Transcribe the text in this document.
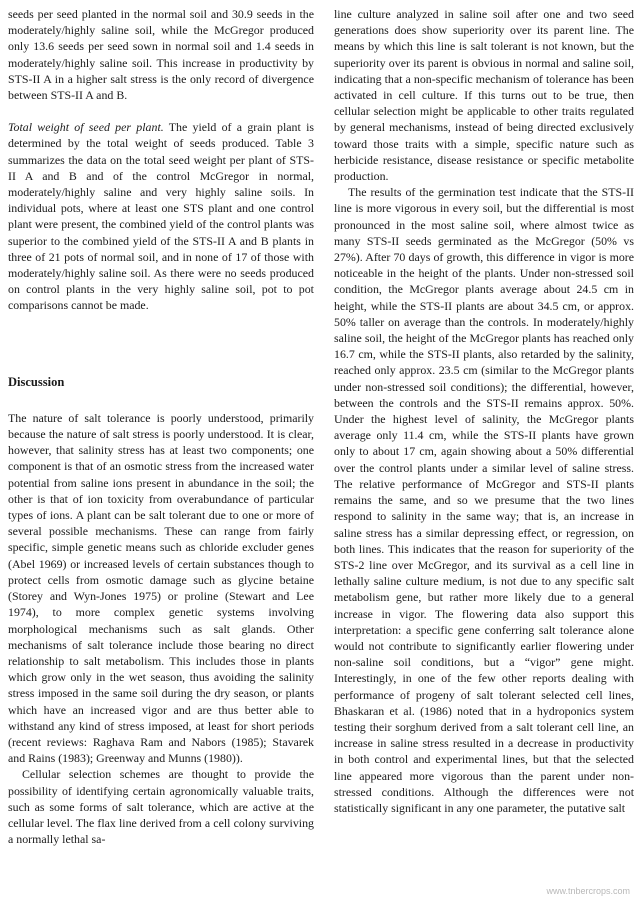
seeds per seed planted in the normal soil and 30.9 seeds in the moderately/highly saline soil, while the McGregor produced only 13.6 seeds per seed sown in normal soil and 1.4 seeds in moderately/highly saline soil. This increase in productivity by STS-II A in a higher salt stress is the only record of divergence between STS-II A and B.

Total weight of seed per plant. The yield of a grain plant is determined by the total weight of seeds produced. Table 3 summarizes the data on the total seed weight per plant of STS-II A and B and of the control McGregor in normal, moderately/highly saline and very highly saline soils. In individual pots, where at least one STS plant and one control plant were present, the combined yield of the control plants was superior to the combined yield of the STS-II A and B plants in three of 21 pots of normal soil, and in none of 17 of those with moderately/highly saline soil. As there were no seeds produced on control plants in the very highly saline soil, pot to pot comparisons cannot be made.

Discussion

The nature of salt tolerance is poorly understood, primarily because the nature of salt stress is poorly understood. It is clear, however, that salinity stress has at least two components; one component is that of an osmotic stress from the increased water potential from saline ions present in abundance in the soil; the other is that of ion toxicity from overabundance of particular types of ions. A plant can be salt tolerant due to one or more of several possible mechanisms. These can range from fairly specific, simple genetic means such as chloride excluder genes (Abel 1969) or increased levels of certain substances though to protect cells from osmotic damage such as glycine betaine (Storey and Wyn-Jones 1975) or proline (Stewart and Lee 1974), to more complex genetic systems involving morphological mechanisms such as salt glands. Other mechanisms of salt tolerance include those bearing no direct relationship to salt metabolism. This includes those in plants which grow only in the wet season, thus avoiding the salinity stress imposed in the same soil during the dry season, or plants which have an increased vigor and are thus better able to withstand any kind of stress imposed, at least for short periods (recent reviews: Raghava Ram and Nabors (1985); Stavarek and Rains (1983); Greenway and Munns (1980)).

Cellular selection schemes are thought to provide the possibility of identifying certain agronomically valuable traits, such as some forms of salt tolerance, which are active at the cellular level. The flax line derived from a cell colony surviving a normally lethal sa-

line culture analyzed in saline soil after one and two seed generations does show superiority over its parent line. The means by which this line is salt tolerant is not known, but the superiority over its parent is obvious in normal and saline soil, indicating that a non-specific mechanism of tolerance has been activated in cell culture. If this turns out to be true, then cellular selection might be applicable to other traits regulated by general mechanisms, instead of being directed exclusively toward those traits with a simple, specific nature such as herbicide resistance, disease resistance or specific metabolite production.

The results of the germination test indicate that the STS-II line is more vigorous in every soil, but the differential is most pronounced in the most saline soil, where almost twice as many STS-II seeds germinated as the McGregor (50% vs 27%). After 70 days of growth, this difference in vigor is more noticeable in the height of the plants. Under non-stressed soil condition, the McGregor plants average about 24.5 cm in height, while the STS-II plants are about 34.5 cm, or approx. 50% taller on average than the controls. In moderately/highly saline soil, the height of the McGregor plants has reached only 16.7 cm, while the STS-II plants, also retarded by the salinity, reached only approx. 23.5 cm (similar to the McGregor plants under non-stressed soil conditions); the differential, however, between the controls and the STS-II remains approx. 50%. Under the highest level of salinity, the McGregor plants average only 11.4 cm, while the STS-II plants have grown only to about 17 cm, again showing about a 50% differential over the control plants under a similar level of saline stress. The relative performance of McGregor and STS-II plants remains the same, and so we presume that the two lines respond to salinity in the same way; that is, an increase in saline stress has a similar depressing effect, or regression, on both lines. This indicates that the reason for superiority of the STS-2 line over McGregor, and its survival as a cell line in lethally saline culture medium, is not due to any specific salt metabolism gene, but rather more likely due to a general increase in vigor. The flowering data also support this interpretation: a specific gene conferring salt tolerance alone would not contribute to significantly earlier flowering under non-saline soil conditions, but a “vigor” gene might. Interestingly, in one of the few other reports dealing with performance of progeny of salt tolerant selected cell lines, Bhaskaran et al. (1986) noted that in a hydroponics system testing their sorghum derived from a salt tolerant cell line, an increase in saline stress resulted in a decrease in productivity in both control and experimental lines, but that the selected line appeared more vigorous than the parent under non-stressed conditions. Although the differences were not statistically significant in any one parameter, the putative salt

www.tnbercrops.com
